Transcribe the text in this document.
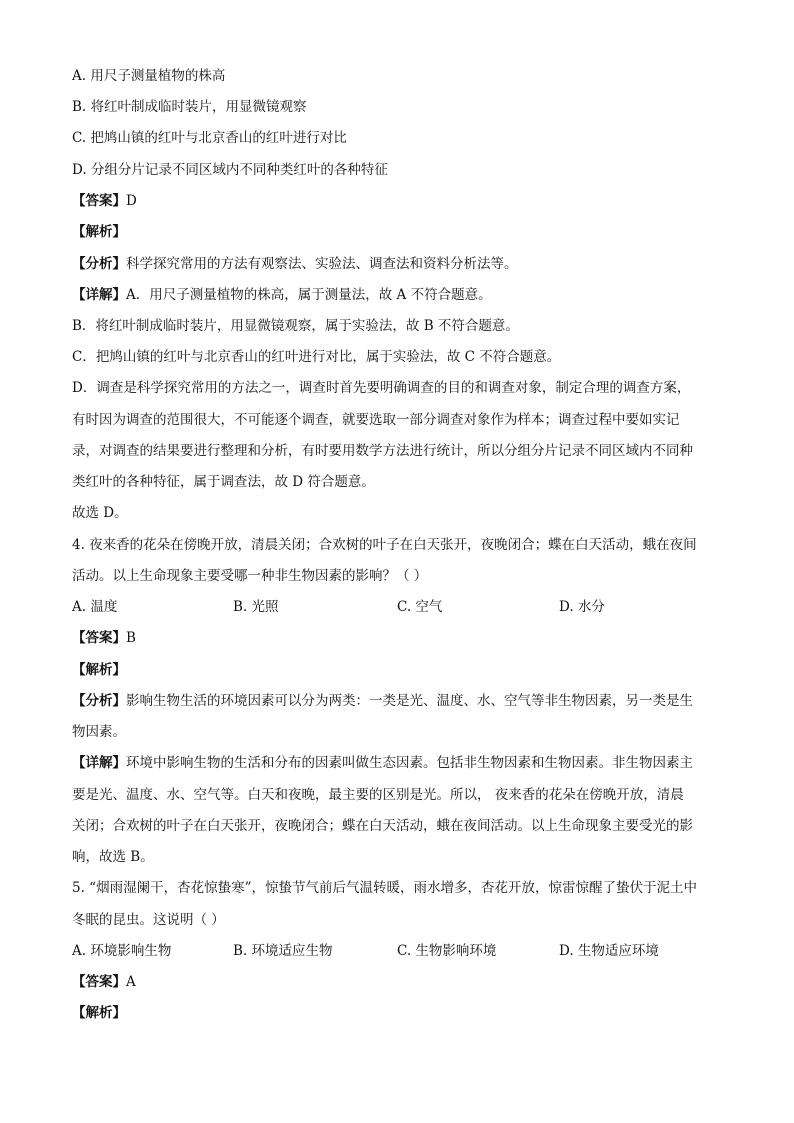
A. 用尺子测量植物的株高
B. 将红叶制成临时装片，用显微镜观察
C. 把鸠山镇的红叶与北京香山的红叶进行对比
D. 分组分片记录不同区域内不同种类红叶的各种特征
【答案】D
【解析】
【分析】科学探究常用的方法有观察法、实验法、调查法和资料分析法等。
【详解】A．用尺子测量植物的株高，属于测量法，故 A 不符合题意。
B．将红叶制成临时装片，用显微镜观察，属于实验法，故 B 不符合题意。
C．把鸠山镇的红叶与北京香山的红叶进行对比，属于实验法，故 C 不符合题意。
D．调查是科学探究常用的方法之一，调查时首先要明确调查的目的和调查对象，制定合理的调查方案，
有时因为调查的范围很大，不可能逐个调查，就要选取一部分调查对象作为样本；调查过程中要如实记
录，对调查的结果要进行整理和分析，有时要用数学方法进行统计，所以分组分片记录不同区域内不同种
类红叶的各种特征，属于调查法，故 D 符合题意。
故选 D。
4. 夜来香的花朵在傍晚开放，清晨关闭；合欢树的叶子在白天张开，夜晚闭合；蝶在白天活动，蛾在夜间
活动。以上生命现象主要受哪一种非生物因素的影响？（ ）
A. 温度	B. 光照	C. 空气	D. 水分
【答案】B
【解析】
【分析】影响生物生活的环境因素可以分为两类：一类是光、温度、水、空气等非生物因素，另一类是生
物因素。
【详解】环境中影响生物的生活和分布的因素叫做生态因素。包括非生物因素和生物因素。非生物因素主
要是光、温度、水、空气等。白天和夜晚，最主要的区别是光。所以， 夜来香的花朵在傍晚开放，清晨
关闭；合欢树的叶子在白天张开，夜晚闭合；蝶在白天活动，蛾在夜间活动。以上生命现象主要受光的影
响，故选 B。
5. “烟雨湿阑干，杏花惊蛰寒”，惊蛰节气前后气温转暖，雨水增多，杏花开放，惊雷惊醒了蛰伏于泥土中
冬眠的昆虫。这说明（ ）
A. 环境影响生物	B. 环境适应生物	C. 生物影响环境	D. 生物适应环境
【答案】A
【解析】
